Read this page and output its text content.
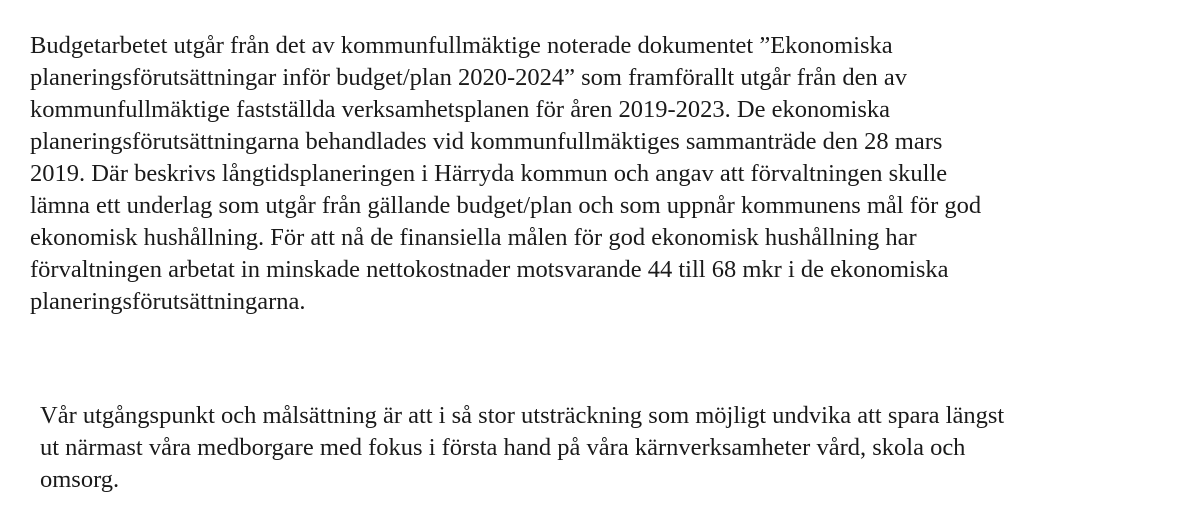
Budgetarbetet utgår från det av kommunfullmäktige noterade dokumentet ”Ekonomiska
planeringsförutsättningar inför budget/plan 2020-2024” som framförallt utgår från den av
kommunfullmäktige fastställda verksamhetsplanen för åren 2019-2023. De ekonomiska
planeringsförutsättningarna behandlades vid kommunfullmäktiges sammanträde den 28 mars
2019. Där beskrivs långtidsplaneringen i Härryda kommun och angav att förvaltningen skulle
lämna ett underlag som utgår från gällande budget/plan och som uppnår kommunens mål för god
ekonomisk hushållning. För att nå de finansiella målen för god ekonomisk hushållning har
förvaltningen arbetat in minskade nettokostnader motsvarande 44 till 68 mkr i de ekonomiska
planeringsförutsättningarna.
Vår utgångspunkt och målsättning är att i så stor utsträckning som möjligt undvika att spara längst
ut närmast våra medborgare med fokus i första hand på våra kärnverksamheter vård, skola och
omsorg.
